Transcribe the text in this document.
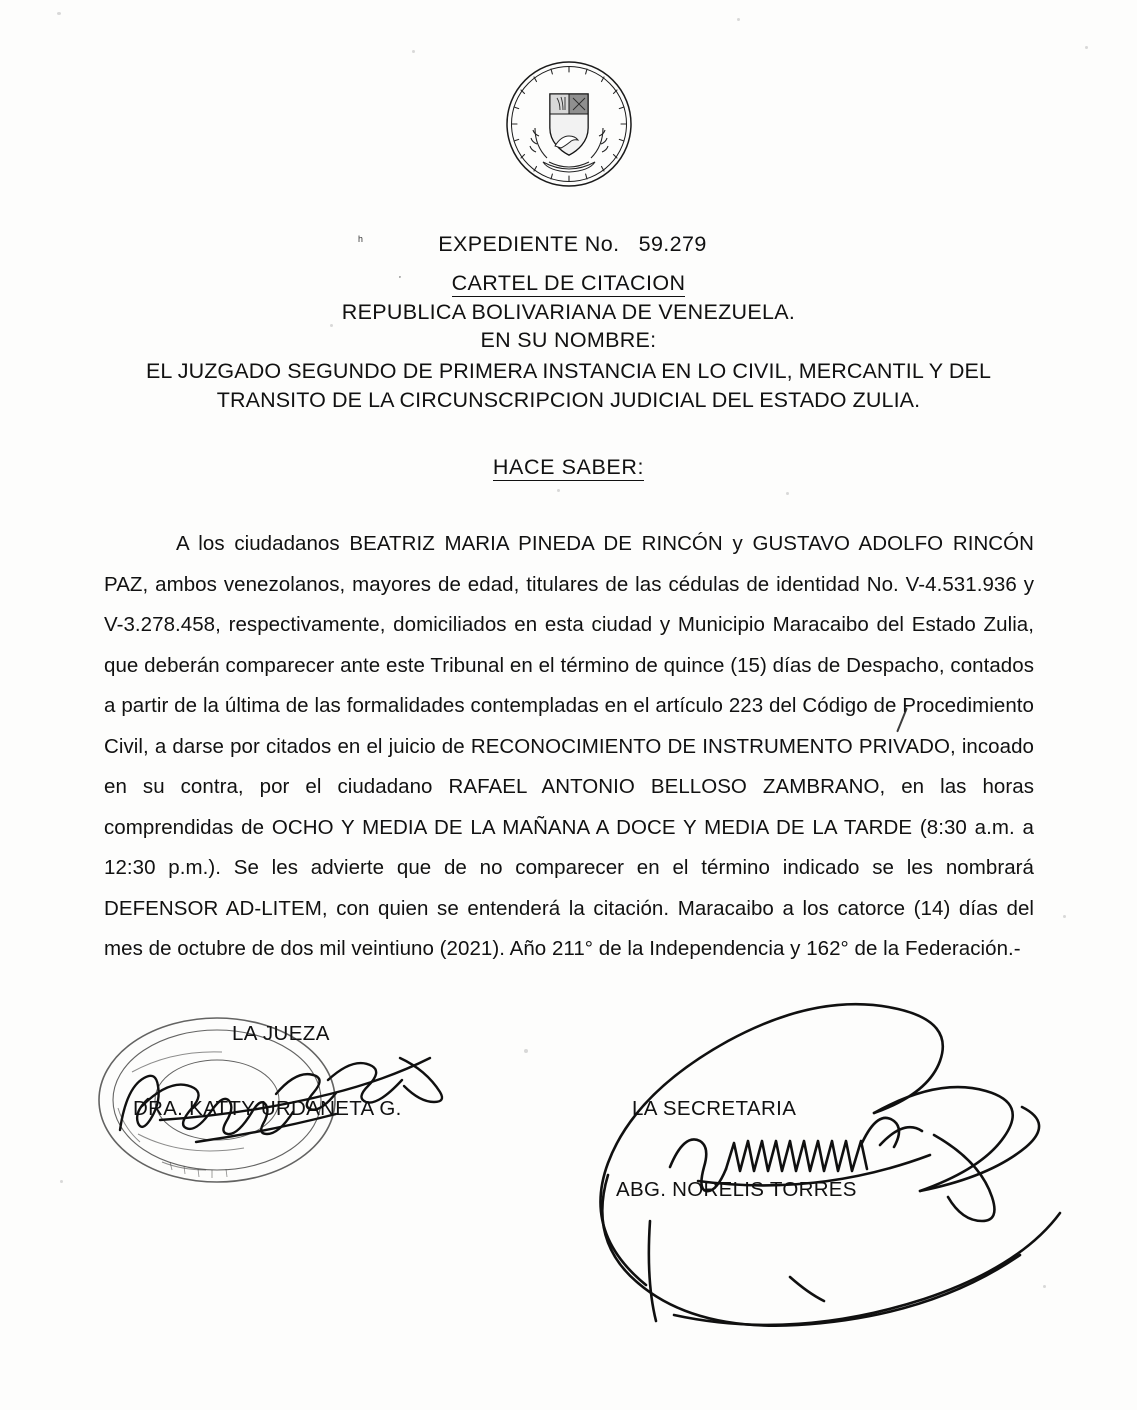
ʰ	EXPEDIENTE No. 59.279
ˑ CARTEL DE CITACION
REPUBLICA BOLIVARIANA DE VENEZUELA.
EN SU NOMBRE:
EL JUZGADO SEGUNDO DE PRIMERA INSTANCIA EN LO CIVIL, MERCANTIL Y DEL
TRANSITO DE LA CIRCUNSCRIPCION JUDICIAL DEL ESTADO ZULIA.
HACE SABER:

A los ciudadanos BEATRIZ MARIA PINEDA DE RINCÓN y GUSTAVO ADOLFO RINCÓN PAZ, ambos venezolanos, mayores de edad, titulares de las cédulas de identidad No. V-4.531.936 y V-3.278.458, respectivamente, domiciliados en esta ciudad y Municipio Maracaibo del Estado Zulia, que deberán comparecer ante este Tribunal en el término de quince (15) días de Despacho, contados a partir de la última de las formalidades contempladas en el artículo 223 del Código de Procedimiento Civil, a darse por citados en el juicio de RECONOCIMIENTO DE INSTRUMENTO PRIVADO, incoado en su contra, por el ciudadano RAFAEL ANTONIO BELLOSO ZAMBRANO, en las horas comprendidas de OCHO Y MEDIA DE LA MAÑANA A DOCE Y MEDIA DE LA TARDE (8:30 a.m. a 12:30 p.m.). Se les advierte que de no comparecer en el término indicado se les nombrará DEFENSOR AD-LITEM, con quien se entenderá la citación. Maracaibo a los catorce (14) días del mes de octubre de dos mil veintiuno (2021). Año 211° de la Independencia y 162° de la Federación.-

LA JUEZA
DRA. KATTY URDANETA G.	LA SECRETARIA
ABG. NORELIS TORRES
